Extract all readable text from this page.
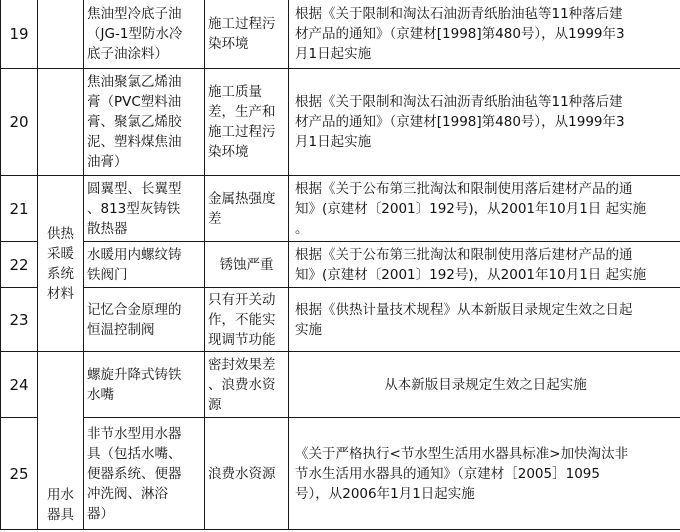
19		焦油型冷底子油
（JG-1型防水冷
底子油涂料）	施工过程污
染环境	根据《关于限制和淘汰石油沥青纸胎油毡等11种落后建
材产品的通知》（京建材[1998]第480号），从1999年3
月1日起实施

20		焦油聚氯乙烯油
膏（PVC塑料油
膏、聚氯乙烯胶
泥、塑料煤焦油
油膏）	施工质量
差，生产和
施工过程污
染环境	根据《关于限制和淘汰石油沥青纸胎油毡等11种落后建
材产品的通知》（京建材[1998]第480号），从1999年3
月1日起实施

21	供热
采暖
系统
材料	圆翼型、长翼型
、813型灰铸铁
散热器	金属热强度
差	根据《关于公布第三批淘汰和限制使用落后建材产品的通
知》(京建材〔2001〕192号)，从2001年10月1日 起实施
。

22		水暖用内螺纹铸
铁阀门	锈蚀严重	根据《关于公布第三批淘汰和限制使用落后建材产品的通
知》(京建材〔2001〕192号)，从2001年10月1日 起实施

23		记忆合金原理的
恒温控制阀	只有开关动
作，不能实
现调节功能	根据《供热计量技术规程》从本新版目录规定生效之日起
实施

24	用水
器具	螺旋升降式铸铁
水嘴	密封效果差
、浪费水资
源	从本新版目录规定生效之日起实施

25		非节水型用水器
具（包括水嘴、
便器系统、便器
冲洗阀、淋浴
器）	浪费水资源	《关于严格执行<节水型生活用水器具标准>加快淘汰非
节水生活用水器具的通知》（京建材［2005］1095
号），从2006年1月1日起实施
